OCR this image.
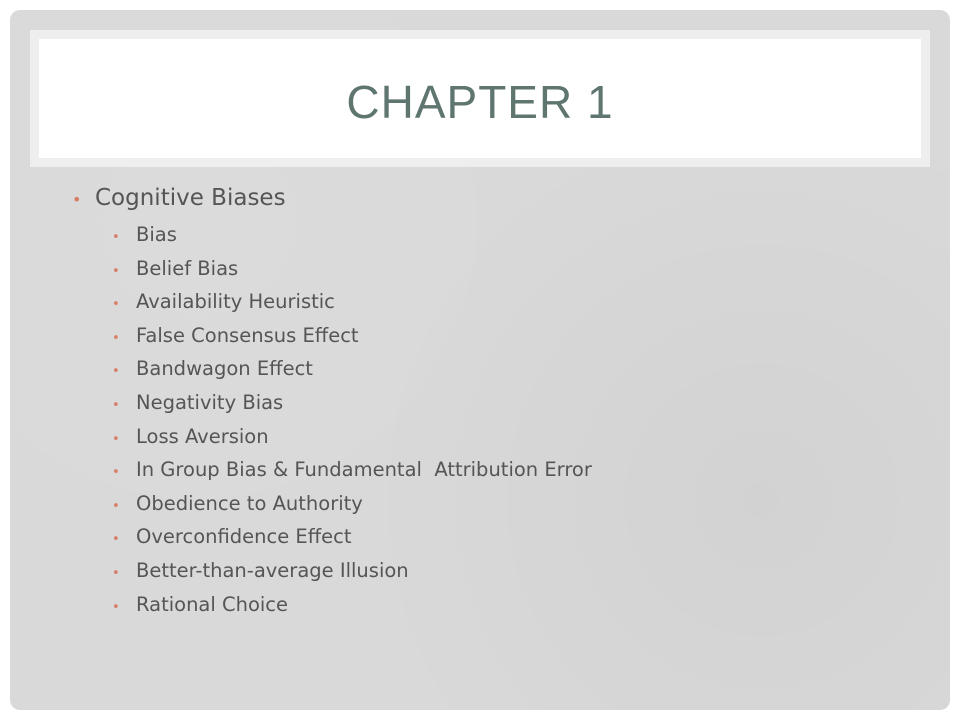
CHAPTER 1
• Cognitive Biases
• Bias
• Belief Bias
• Availability Heuristic
• False Consensus Effect
• Bandwagon Effect
• Negativity Bias
• Loss Aversion
• In Group Bias & Fundamental  Attribution Error
• Obedience to Authority
• Overconfidence Effect
• Better-than-average Illusion
• Rational Choice
